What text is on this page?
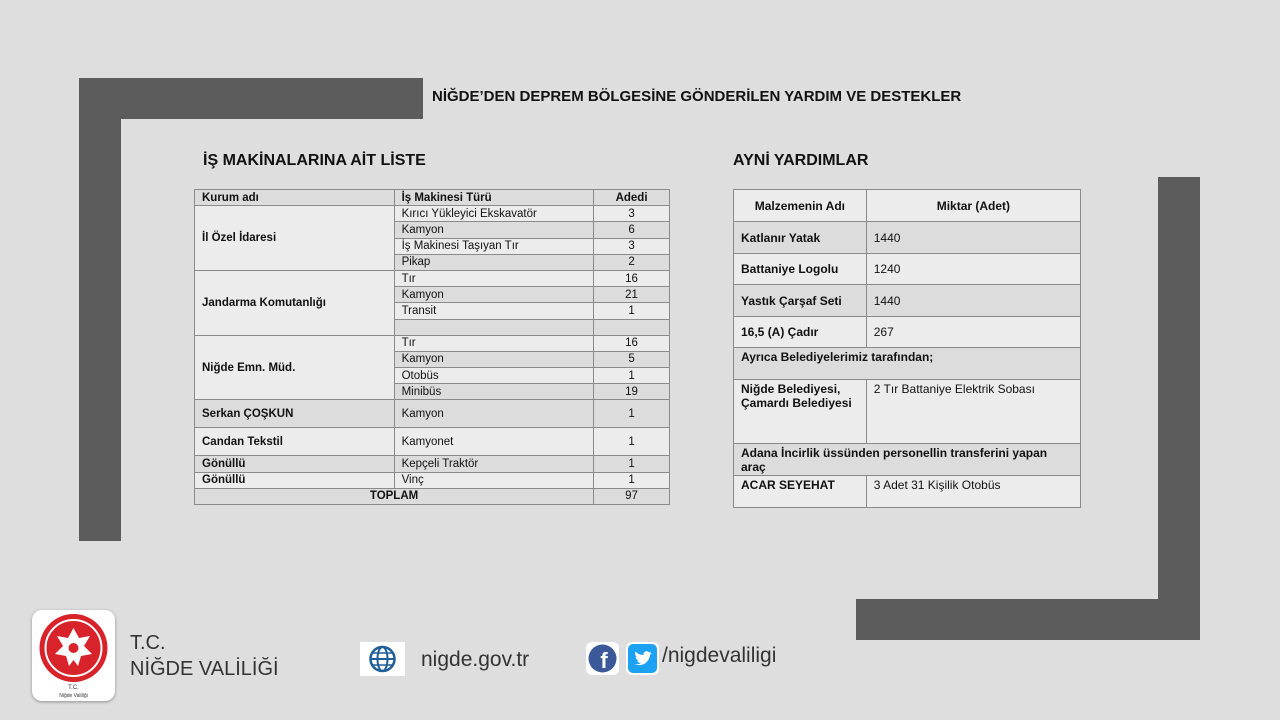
NİĞDE’DEN DEPREM BÖLGESİNE GÖNDERİLEN YARDIM VE DESTEKLER
İŞ MAKİNALARINA AİT LİSTE	AYNİ YARDIMLAR
Kurum adı	İş Makinesi Türü	Adedi
İl Özel İdaresi	Kırıcı Yükleyici Ekskavatör	3
	Kamyon	6
	İş Makinesi Taşıyan Tır	3
	Pikap	2
Jandarma Komutanlığı	Tır	16
	Kamyon	21
	Transit	1

Niğde Emn. Müd.	Tır	16
	Kamyon	5
	Otobüs	1
	Minibüs	19
Serkan ÇOŞKUN	Kamyon	1
Candan Tekstil	Kamyonet	1
Gönüllü	Kepçeli Traktör	1
Gönüllü	Vinç	1
TOPLAM		97
Malzemenin Adı	Miktar (Adet)
Katlanır Yatak	1440
Battaniye Logolu	1240
Yastık Çarşaf Seti	1440
16,5 (A) Çadır	267
Ayrıca Belediyelerimiz tarafından;	
Niğde Belediyesi, Çamardı Belediyesi	2 Tır Battaniye Elektrik Sobası
Adana İncirlik üssünden personellin transferini yapan araç	
ACAR SEYEHAT	3 Adet 31 Kişilik Otobüs
T.C.
Niğde Valiliği
T.C.
NİĞDE VALİLİĞİ	nigde.gov.tr	f	/nigdevaliligi
